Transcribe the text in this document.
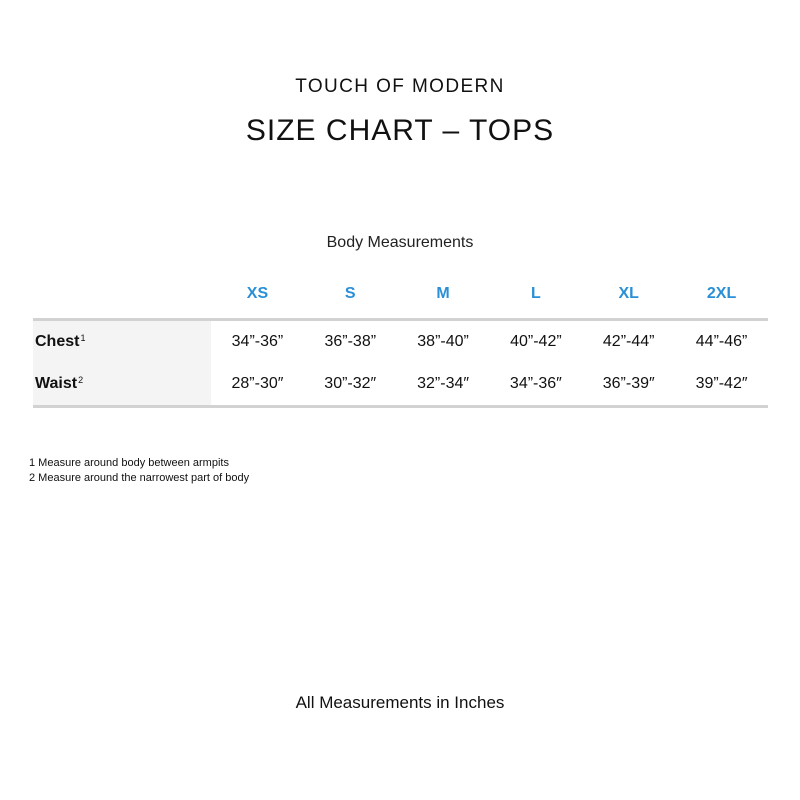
TOUCH OF MODERN
SIZE CHART – TOPS
Body Measurements
	XS	S	M	L	XL	2XL
Chest$^1$	34”-36”	36”-38”	38”-40”	40”-42”	42”-44”	44”-46”
Waist$^2$	28”-30″	30”-32″	32”-34″	34”-36″	36”-39″	39”-42″
1 Measure around body between armpits
2 Measure around the narrowest part of body
All Measurements in Inches
